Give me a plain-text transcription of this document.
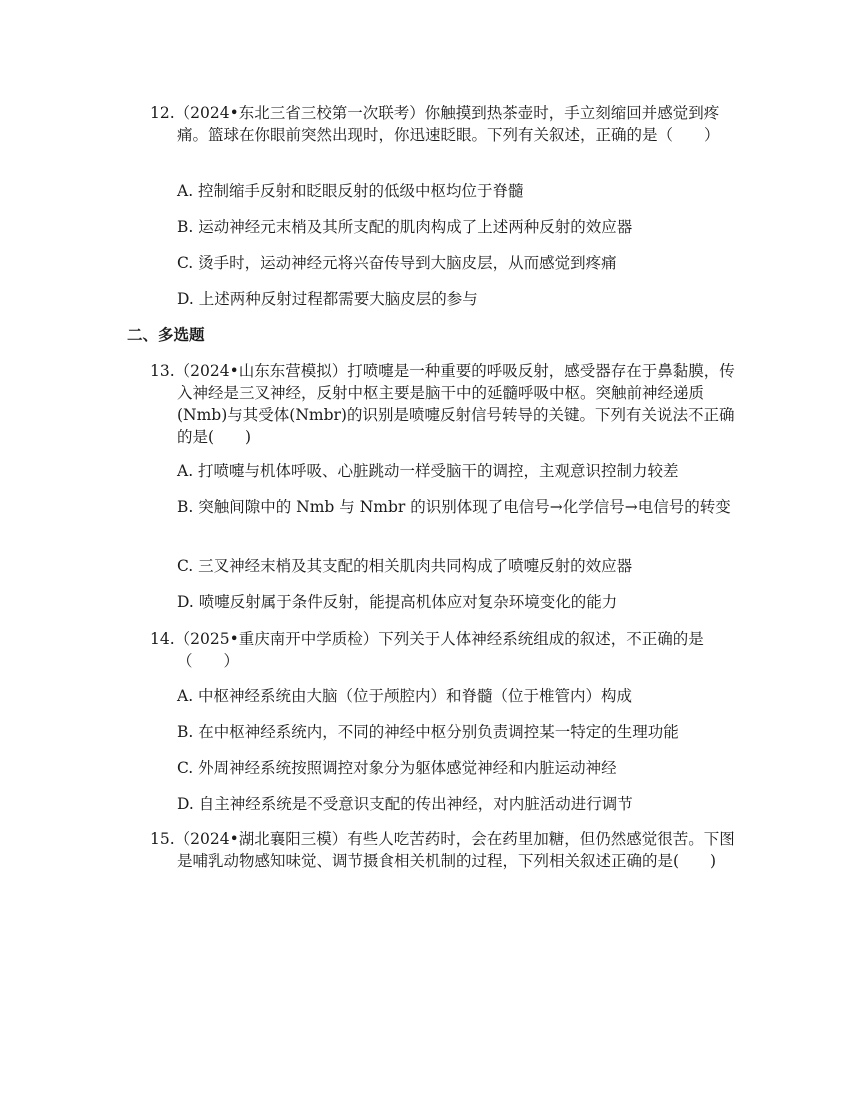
12.（2024•东北三省三校第一次联考）你触摸到热茶壶时，手立刻缩回并感觉到疼痛。篮球在你眼前突然出现时，你迅速眨眼。下列有关叙述，正确的是（　　）

A. 控制缩手反射和眨眼反射的低级中枢均位于脊髓

B. 运动神经元末梢及其所支配的肌肉构成了上述两种反射的效应器

C. 烫手时，运动神经元将兴奋传导到大脑皮层，从而感觉到疼痛

D. 上述两种反射过程都需要大脑皮层的参与

二、多选题

13.（2024•山东东营模拟）打喷嚏是一种重要的呼吸反射，感受器存在于鼻黏膜，传入神经是三叉神经，反射中枢主要是脑干中的延髓呼吸中枢。突触前神经递质(Nmb)与其受体(Nmbr)的识别是喷嚏反射信号转导的关键。下列有关说法不正确的是(　　)

A. 打喷嚏与机体呼吸、心脏跳动一样受脑干的调控，主观意识控制力较差

B. 突触间隙中的 Nmb 与 Nmbr 的识别体现了电信号→化学信号→电信号的转变

C. 三叉神经末梢及其支配的相关肌肉共同构成了喷嚏反射的效应器

D. 喷嚏反射属于条件反射，能提高机体应对复杂环境变化的能力

14.（2025•重庆南开中学质检）下列关于人体神经系统组成的叙述，不正确的是（　　）

A. 中枢神经系统由大脑（位于颅腔内）和脊髓（位于椎管内）构成

B. 在中枢神经系统内，不同的神经中枢分别负责调控某一特定的生理功能

C. 外周神经系统按照调控对象分为躯体感觉神经和内脏运动神经

D. 自主神经系统是不受意识支配的传出神经，对内脏活动进行调节

15.（2024•湖北襄阳三模）有些人吃苦药时，会在药里加糖，但仍然感觉很苦。下图是哺乳动物感知味觉、调节摄食相关机制的过程，下列相关叙述正确的是(　　)
